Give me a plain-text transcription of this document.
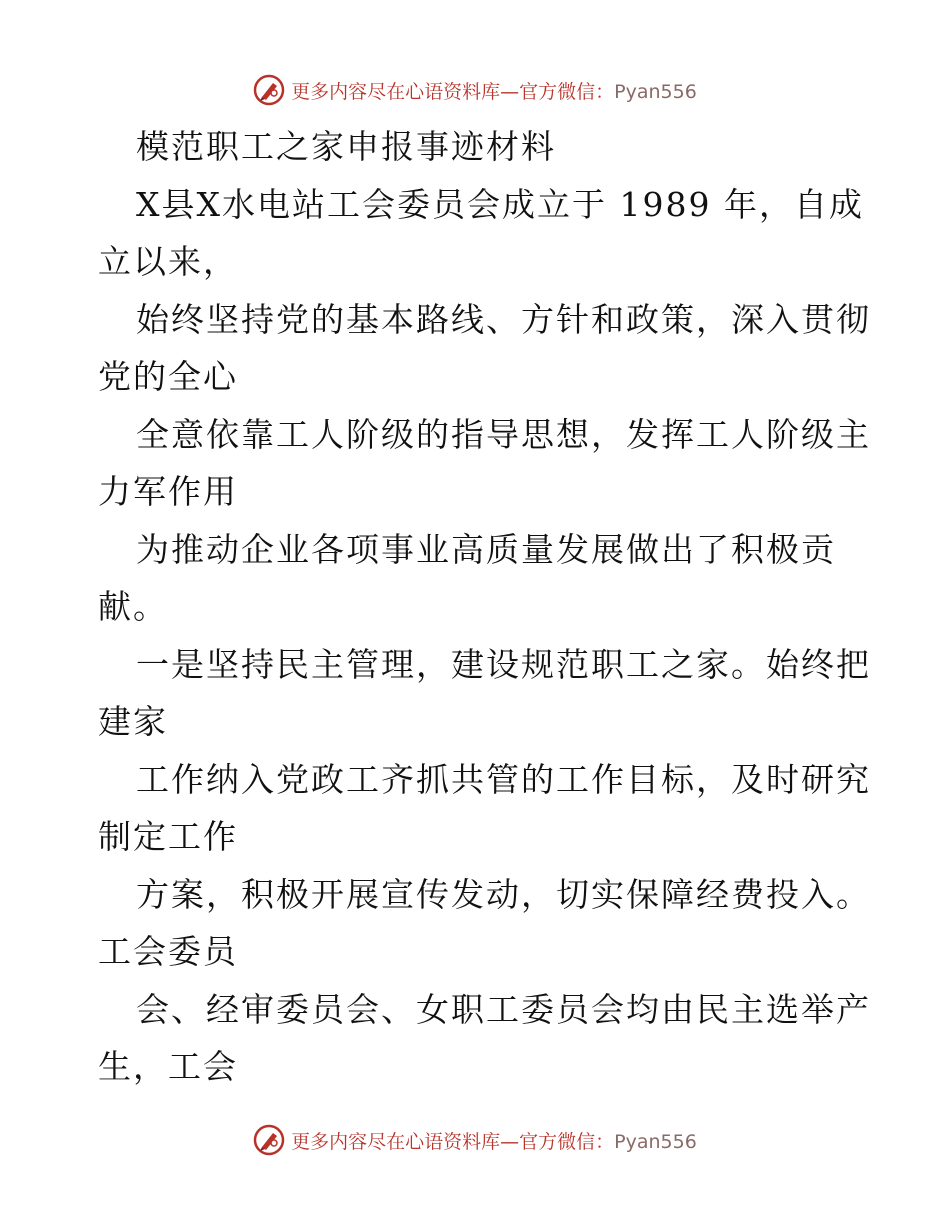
更多内容尽在心语资料库—官方微信：Pyan556

模范职工之家申报事迹材料

X县X水电站工会委员会成立于 1989 年，自成

立以来，

始终坚持党的基本路线、方针和政策，深入贯彻

党的全心

全意依靠工人阶级的指导思想，发挥工人阶级主

力军作用

为推动企业各项事业高质量发展做出了积极贡

献。

一是坚持民主管理，建设规范职工之家。始终把

建家

工作纳入党政工齐抓共管的工作目标，及时研究

制定工作

方案，积极开展宣传发动，切实保障经费投入。

工会委员

会、经审委员会、女职工委员会均由民主选举产

生，工会

更多内容尽在心语资料库—官方微信：Pyan556
